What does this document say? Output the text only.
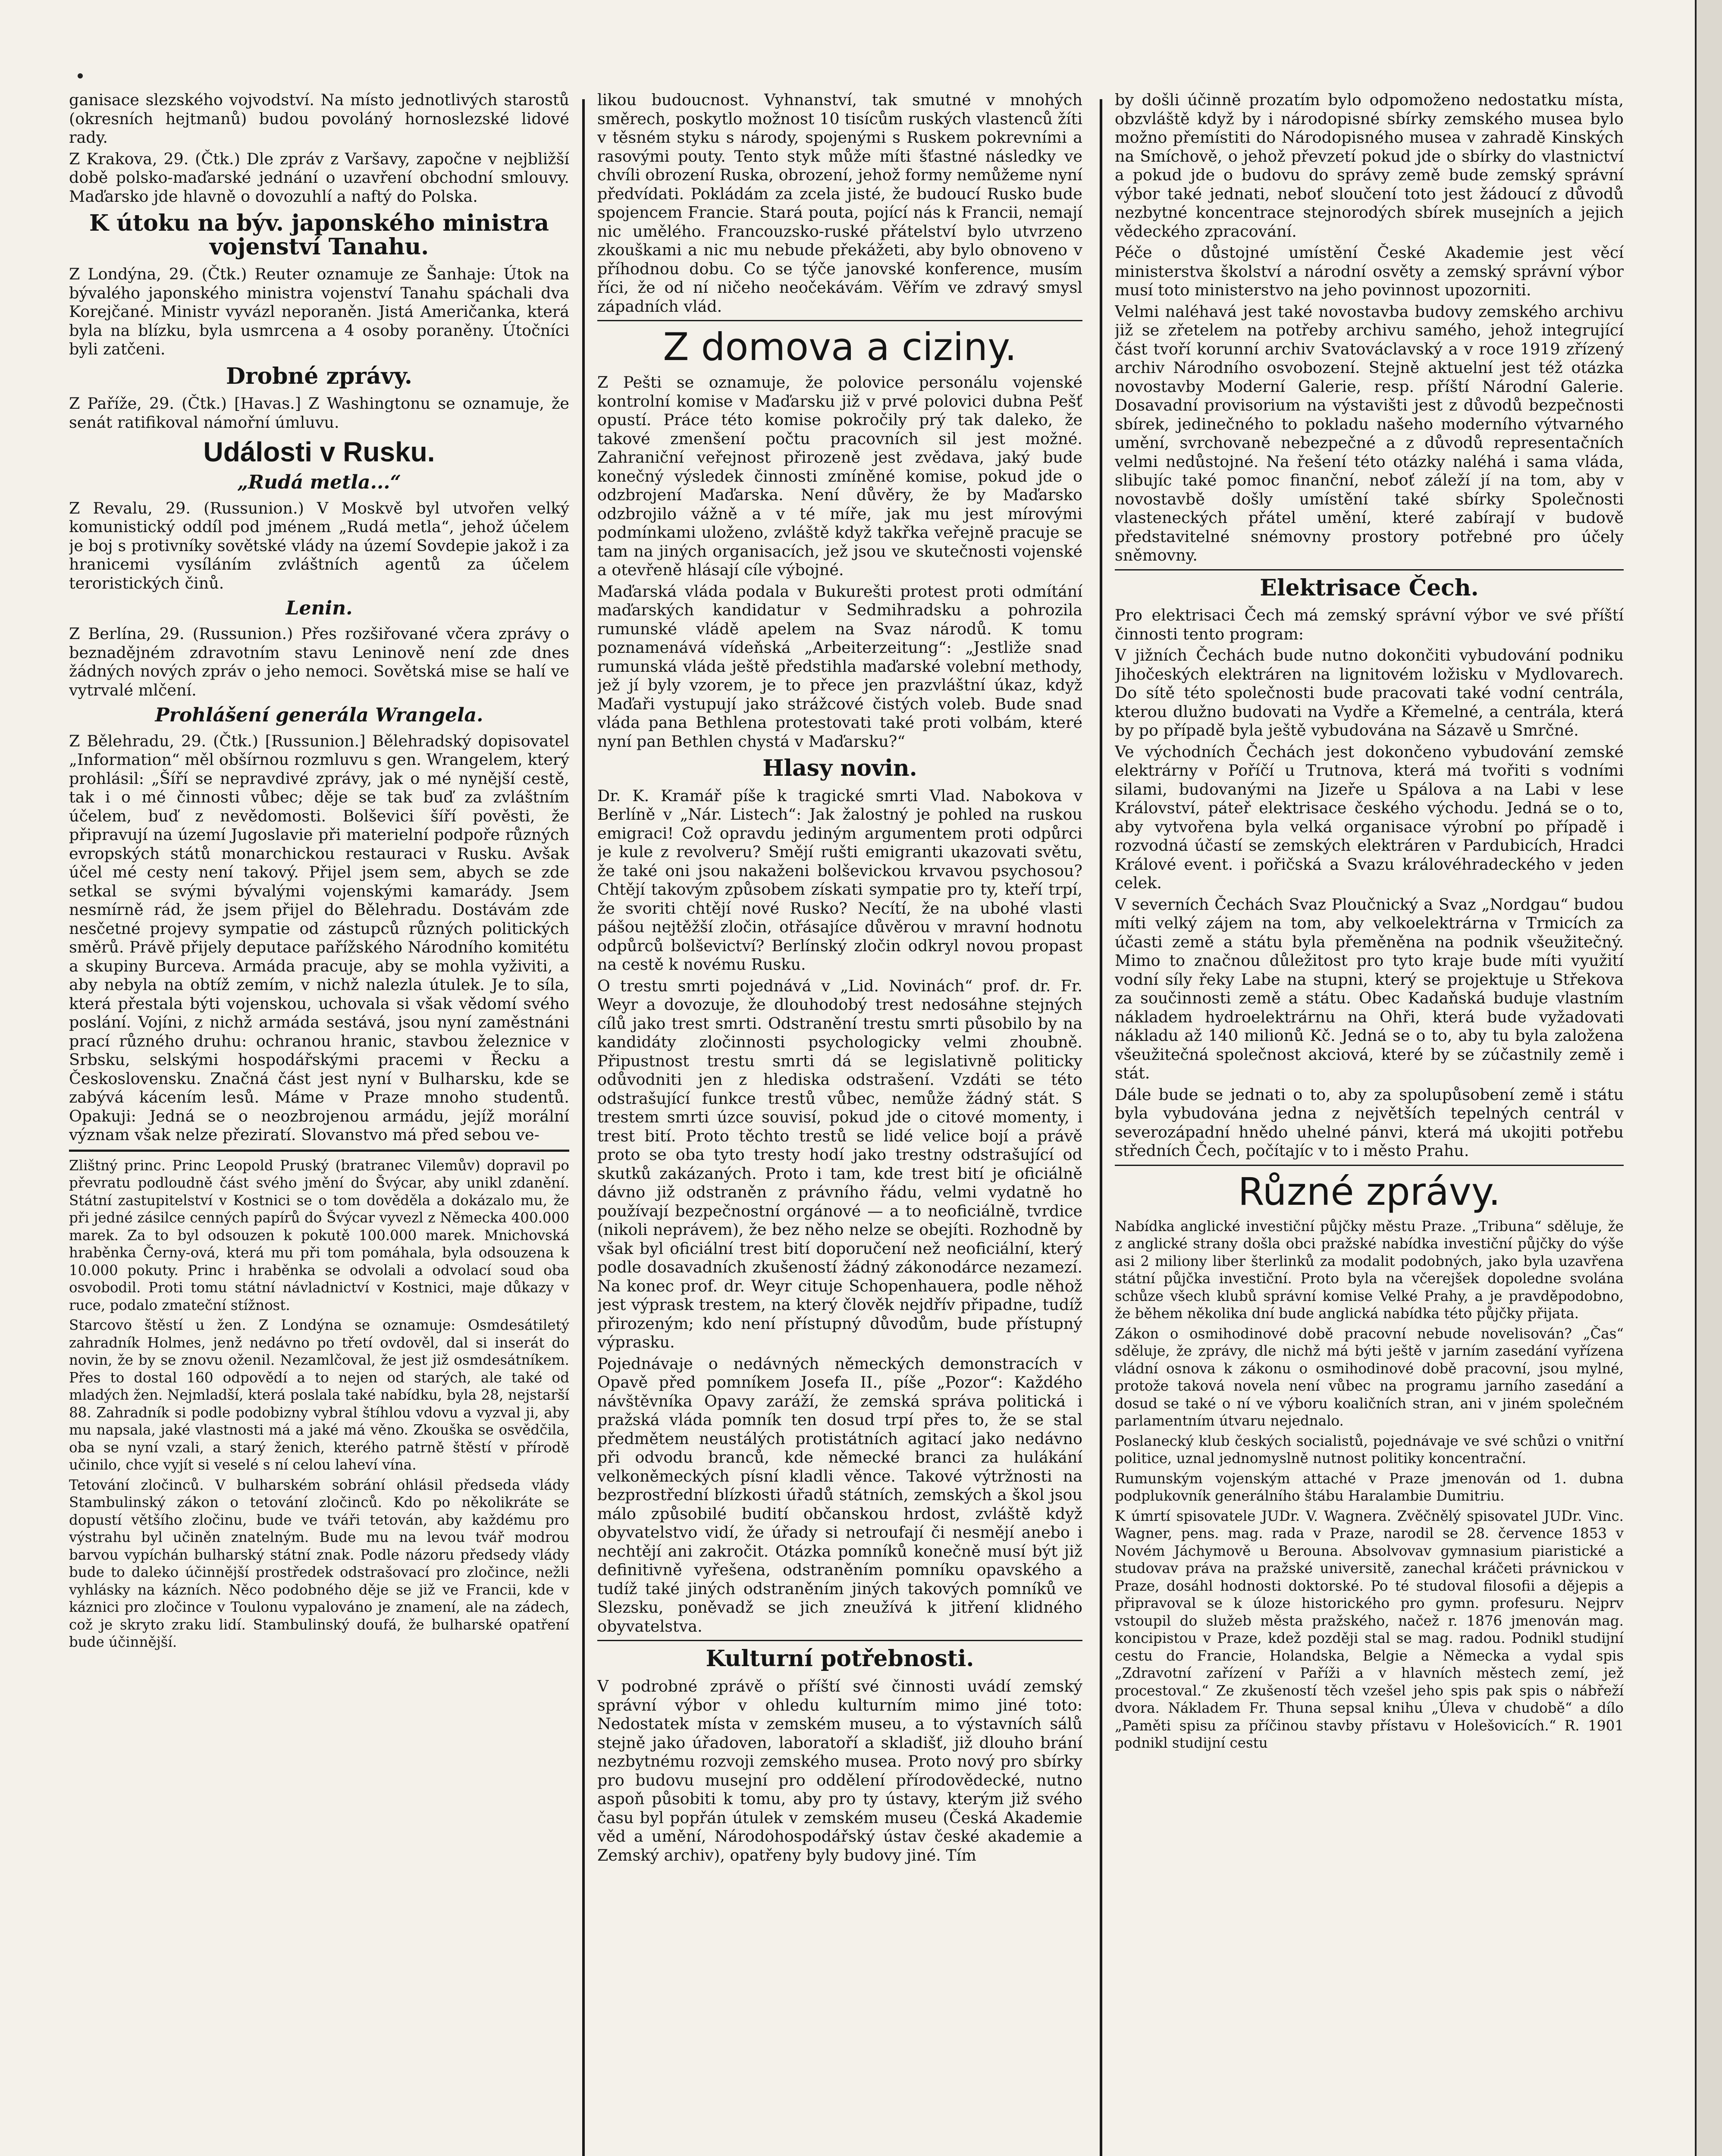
ganisace slezského vojvodství. Na místo jednotlivých starostů (okresních hejtmanů) budou povoláný hornoslezské lidové rady.

Z Krakova, 29. (Čtk.) Dle zpráv z Varšavy, započne v nejbližší době polsko-maďarské jednání o uzavření obchodní smlouvy. Maďarsko jde hlavně o dovozuhlí a naftý do Polska.

K útoku na býv. japonského ministra vojenství Tanahu.

Z Londýna, 29. (Čtk.) Reuter oznamuje ze Šanhaje: Útok na bývalého japonského ministra vojenství Tanahu spáchali dva Korejčané. Ministr vyvázl neporaněn. Jistá Američanka, která byla na blízku, byla usmrcena a 4 osoby poraněny. Útočníci byli zatčeni.

Drobné zprávy.

Z Paříže, 29. (Čtk.) [Havas.] Z Washingtonu se oznamuje, že senát ratifikoval námořní úmluvu.

Události v Rusku.
„Rudá metla...“

Z Revalu, 29. (Russunion.) V Moskvě byl utvořen velký komunistický oddíl pod jménem „Rudá metla“, jehož účelem je boj s protivníky sovětské vlády na území Sovdepie jakož i za hranicemi vysíláním zvláštních agentů za účelem teroristických činů.

Lenin.

Z Berlína, 29. (Russunion.) Přes rozšiřované včera zprávy o beznadějném zdravotním stavu Leninově není zde dnes žádných nových zpráv o jeho nemoci. Sovětská mise se halí ve vytrvalé mlčení.

Prohlášení generála Wrangela.

Z Bělehradu, 29. (Čtk.) [Russunion.] Bělehradský dopisovatel „Information“ měl obšírnou rozmluvu s gen. Wrangelem, který prohlásil: „Šíří se nepravdivé zprávy, jak o mé nynější cestě, tak i o mé činnosti vůbec; děje se tak buď za zvláštním účelem, buď z nevědomosti. Bolševici šíří pověsti, že připravují na území Jugoslavie při materielní podpoře různých evropských států monarchickou restauraci v Rusku. Avšak účel mé cesty není takový. Přijel jsem sem, abych se zde setkal se svými bývalými vojenskými kamarády. Jsem nesmírně rád, že jsem přijel do Bělehradu. Dostávám zde nesčetné projevy sympatie od zástupců různých politických směrů. Právě přijely deputace pařížského Národního komitétu a skupiny Burceva. Armáda pracuje, aby se mohla vyživiti, a aby nebyla na obtíž zemím, v nichž nalezla útulek. Je to síla, která přestala býti vojenskou, uchovala si však vědomí svého poslání. Vojíni, z nichž armáda sestává, jsou nyní zaměstnáni prací různého druhu: ochranou hranic, stavbou železnice v Srbsku, selskými hospodářskými pracemi v Řecku a Československu. Značná část jest nyní v Bulharsku, kde se zabývá kácením lesů. Máme v Praze mnoho studentů. Opakuji: Jedná se o neozbrojenou armádu, jejíž morální význam však nelze přeziratí. Slovanstvo má před sebou ve-

Zlištný princ. Princ Leopold Pruský (bratranec Vilemův) dopravil po převratu podloudně část svého jmění do Švýcar, aby unikl zdanění. Státní zastupitelství v Kostnici se o tom dověděla a dokázalo mu, že při jedné zásilce cenných papírů do Švýcar vyvezl z Německa 400.000 marek. Za to byl odsouzen k pokutě 100.000 marek. Mnichovská hraběnka Černy-ová, která mu při tom pomáhala, byla odsouzena k 10.000 pokuty. Princ i hraběnka se odvolali a odvolací soud oba osvobodil. Proti tomu státní návladnictví v Kostnici, maje důkazy v ruce, podalo zmateční stížnost.

Starcovo štěstí u žen. Z Londýna se oznamuje: Osmdesátiletý zahradník Holmes, jenž nedávno po třetí ovdověl, dal si inserát do novin, že by se znovu oženil. Nezamlčoval, že jest již osmdesátníkem. Přes to dostal 160 odpovědí a to nejen od starých, ale také od mladých žen. Nejmladší, která poslala také nabídku, byla 28, nejstarší 88. Zahradník si podle podobizny vybral štíhlou vdovu a vyzval ji, aby mu napsala, jaké vlastnosti má a jaké má věno. Zkouška se osvědčila, oba se nyní vzali, a starý ženich, kterého patrně štěstí v přírodě učinilo, chce vyjít si veselé s ní celou laheví vína.

Tetování zločinců. V bulharském sobrání ohlásil předseda vlády Stambulinský zákon o tetování zločinců. Kdo po několikráte se dopustí většího zločinu, bude ve tváři tetován, aby každému pro výstrahu byl učiněn znatelným. Bude mu na levou tvář modrou barvou vypíchán bulharský státní znak. Podle názoru předsedy vlády bude to daleko účinnější prostředek odstrašovací pro zločince, nežli vyhlásky na kázních. Něco podobného děje se již ve Francii, kde v káznici pro zločince v Toulonu vypalováno je znamení, ale na zádech, což je skryto zraku lidí. Stambulinský doufá, že bulharské opatření bude účinnější.

likou budoucnost. Vyhnanství, tak smutné v mnohých směrech, poskytlo možnost 10 tisícům ruských vlastenců žíti v těsném styku s národy, spojenými s Ruskem pokrevními a rasovými pouty. Tento styk může míti šťastné následky ve chvíli obrození Ruska, obrození, jehož formy nemůžeme nyní předvídati. Pokládám za zcela jisté, že budoucí Rusko bude spojencem Francie. Stará pouta, pojící nás k Francii, nemají nic umělého. Francouzsko-ruské přátelství bylo utvrzeno zkouškami a nic mu nebude překážeti, aby bylo obnoveno v příhodnou dobu. Co se týče janovské konference, musím říci, že od ní ničeho neočekávám. Věřím ve zdravý smysl západních vlád.

Z domova a ciziny.

Z Pešti se oznamuje, že polovice personálu vojenské kontrolní komise v Maďarsku již v prvé polovici dubna Pešť opustí. Práce této komise pokročily prý tak daleko, že takové zmenšení počtu pracovních sil jest možné. Zahraniční veřejnost přirozeně jest zvědava, jaký bude konečný výsledek činnosti zmíněné komise, pokud jde o odzbrojení Maďarska. Není důvěry, že by Maďarsko odzbrojilo vážně a v té míře, jak mu jest mírovými podmínkami uloženo, zvláště když takřka veřejně pracuje se tam na jiných organisacích, jež jsou ve skutečnosti vojenské a otevřeně hlásají cíle výbojné.

Maďarská vláda podala v Bukurešti protest proti odmítání maďarských kandidatur v Sedmihradsku a pohrozila rumunské vládě apelem na Svaz národů. K tomu poznamenává vídeňská „Arbeiterzeitung“: „Jestliže snad rumunská vláda ještě předstihla maďarské volební methody, jež jí byly vzorem, je to přece jen prazvláštní úkaz, když Maďaři vystupují jako strážcové čistých voleb. Bude snad vláda pana Bethlena protestovati také proti volbám, které nyní pan Bethlen chystá v Maďarsku?“

Hlasy novin.

Dr. K. Kramář píše k tragické smrti Vlad. Nabokova v Berlíně v „Nár. Listech“: Jak žalostný je pohled na ruskou emigraci! Což opravdu jediným argumentem proti odpůrci je kule z revolveru? Smějí rušti emigranti ukazovati světu, že také oni jsou nakaženi bolševickou krvavou psychosou? Chtějí takovým způsobem získati sympatie pro ty, kteří trpí, že svoriti chtějí nové Rusko? Necítí, že na ubohé vlasti pášou nejtěžší zločin, otřásajíce důvěrou v mravní hodnotu odpůrců bolševictví? Berlínský zločin odkryl novou propast na cestě k novému Rusku.

O trestu smrti pojednává v „Lid. Novinách“ prof. dr. Fr. Weyr a dovozuje, že dlouhodobý trest nedosáhne stejných cílů jako trest smrti. Odstranění trestu smrti působilo by na kandidáty zločinnosti psychologicky velmi zhoubně. Připustnost trestu smrti dá se legislativně politicky odůvodniti jen z hlediska odstrašení. Vzdáti se této odstrašující funkce trestů vůbec, nemůže žádný stát. S trestem smrti úzce souvisí, pokud jde o citové momenty, i trest bití. Proto těchto trestů se lidé velice bojí a právě proto se oba tyto tresty hodí jako trestny odstrašující od skutků zakázaných. Proto i tam, kde trest bití je oficiálně dávno již odstraněn z právního řádu, velmi vydatně ho používají bezpečnostní orgánové — a to neoficiálně, tvrdice (nikoli neprávem), že bez něho nelze se obejíti. Rozhodně by však byl oficiální trest bití doporučení než neoficiální, který podle dosavadních zkušeností žádný zákonodárce nezamezí. Na konec prof. dr. Weyr cituje Schopenhauera, podle něhož jest výprask trestem, na který člověk nejdřív připadne, tudíž přirozeným; kdo není přístupný důvodům, bude přístupný výprasku.

Pojednávaje o nedávných německých demonstracích v Opavě před pomníkem Josefa II., píše „Pozor“: Každého návštěvníka Opavy zaráží, že zemská správa politická i pražská vláda pomník ten dosud trpí přes to, že se stal předmětem neustálých protistátních agitací jako nedávno při odvodu branců, kde německé branci za hulákání velkoněmeckých písní kladli věnce. Takové výtržnosti na bezprostřední blízkosti úřadů státních, zemských a škol jsou málo způsobilé budití občanskou hrdost, zvláště když obyvatelstvo vidí, že úřady si netroufají či nesmějí anebo i nechtějí ani zakročit. Otázka pomníků konečně musí být již definitivně vyřešena, odstraněním pomníku opavského a tudíž také jiných odstraněním jiných takových pomníků ve Slezsku, poněvadž se jich zneužívá k jitření klidného obyvatelstva.

Kulturní potřebnosti.

V podrobné zprávě o příští své činnosti uvádí zemský správní výbor v ohledu kulturním mimo jiné toto: Nedostatek místa v zemském museu, a to výstavních sálů stejně jako úřadoven, laboratoří a skladišť, již dlouho brání nezbytnému rozvoji zemského musea. Proto nový pro sbírky pro budovu musejní pro oddělení přírodovědecké, nutno aspoň působiti k tomu, aby pro ty ústavy, kterým již svého času byl popřán útulek v zemském museu (Česká Akademie věd a umění, Národohospodářský ústav české akademie a Zemský archiv), opatřeny byly budovy jiné. Tím

by došli účinně prozatím bylo odpomoženo nedostatku místa, obzvláště když by i národopisné sbírky zemského musea bylo možno přemístiti do Národopisného musea v zahradě Kinských na Smíchově, o jehož převzetí pokud jde o sbírky do vlastnictví a pokud jde o budovu do správy země bude zemský správní výbor také jednati, neboť sloučení toto jest žádoucí z důvodů nezbytné koncentrace stejnorodých sbírek musejních a jejich vědeckého zpracování.

Péče o důstojné umístění České Akademie jest věcí ministerstva školství a národní osvěty a zemský správní výbor musí toto ministerstvo na jeho povinnost upozorniti.

Velmi naléhavá jest také novostavba budovy zemského archivu již se zřetelem na potřeby archivu samého, jehož integrující část tvoří korunní archiv Svatováclavský a v roce 1919 zřízený archiv Národního osvobození. Stejně aktuelní jest též otázka novostavby Moderní Galerie, resp. příští Národní Galerie. Dosavadní provisorium na výstavišti jest z důvodů bezpečnosti sbírek, jedinečného to pokladu našeho moderního výtvarného umění, svrchovaně nebezpečné a z důvodů representačních velmi nedůstojné. Na řešení této otázky naléhá i sama vláda, slibujíc také pomoc finanční, neboť záleží jí na tom, aby v novostavbě došly umístění také sbírky Společnosti vlasteneckých přátel umění, které zabírají v budově představitelné snémovny prostory potřebné pro účely sněmovny.

Elektrisace Čech.

Pro elektrisaci Čech má zemský správní výbor ve své příští činnosti tento program:

V jižních Čechách bude nutno dokončiti vybudování podniku Jihočeských elektráren na lignitovém ložisku v Mydlovarech. Do sítě této společnosti bude pracovati také vodní centrála, kterou dlužno budovati na Vydře a Křemelné, a centrála, která by po případě byla ještě vybudována na Sázavě u Smrčné.

Ve východních Čechách jest dokončeno vybudování zemské elektrárny v Poříčí u Trutnova, která má tvořiti s vodními silami, budovanými na Jizeře u Spálova a na Labi v lese Království, páteř elektrisace českého východu. Jedná se o to, aby vytvořena byla velká organisace výrobní po případě i rozvodná účastí se zemských elektráren v Pardubicích, Hradci Králové event. i pořičská a Svazu královéhradeckého v jeden celek.

V severních Čechách Svaz Ploučnický a Svaz „Nordgau“ budou míti velký zájem na tom, aby velkoelektrárna v Trmicích za účasti země a státu byla přeměněna na podnik všeužitečný. Mimo to značnou důležitost pro tyto kraje bude míti využití vodní síly řeky Labe na stupni, který se projektuje u Střekova za součinnosti země a státu. Obec Kadaňská buduje vlastním nákladem hydroelektrárnu na Ohři, která bude vyžadovati nákladu až 140 milionů Kč. Jedná se o to, aby tu byla založena všeužitečná společnost akciová, které by se zúčastnily země i stát.

Dále bude se jednati o to, aby za spolupůsobení země i státu byla vybudována jedna z největších tepelných centrál v severozápadní hnědo uhelné pánvi, která má ukojiti potřebu středních Čech, počítajíc v to i město Prahu.

Různé zprávy.

Nabídka anglické investiční půjčky městu Praze. „Tribuna“ sděluje, že z anglické strany došla obci pražské nabídka investiční půjčky do výše asi 2 miliony liber šterlinků za modalit podobných, jako byla uzavřena státní půjčka investiční. Proto byla na včerejšek dopoledne svolána schůze všech klubů správní komise Velké Prahy, a je pravděpodobno, že během několika dní bude anglická nabídka této půjčky přijata.

Zákon o osmihodinové době pracovní nebude novelisován? „Čas“ sděluje, že zprávy, dle nichž má býti ještě v jarním zasedání vyřízena vládní osnova k zákonu o osmihodinové době pracovní, jsou mylné, protože taková novela není vůbec na programu jarního zasedání a dosud se také o ní ve výboru koaličních stran, ani v jiném společném parlamentním útvaru nejednalo.

Poslanecký klub českých socialistů, pojednávaje ve své schůzi o vnitřní politice, uznal jednomyslně nutnost politiky koncentrační.

Rumunským vojenským attaché v Praze jmenován od 1. dubna podplukovník generálního štábu Haralambie Dumitriu.

K úmrtí spisovatele JUDr. V. Wagnera. Zvěčnělý spisovatel JUDr. Vinc. Wagner, pens. mag. rada v Praze, narodil se 28. července 1853 v Novém Jáchymově u Berouna. Absolvovav gymnasium piaristické a studovav práva na pražské universitě, zanechal kráčeti právnickou v Praze, dosáhl hodnosti doktorské. Po té studoval filosofii a dějepis a připravoval se k úloze historického pro gymn. profesuru. Nejprv vstoupil do služeb města pražského, načež r. 1876 jmenován mag. koncipistou v Praze, kdež později stal se mag. radou. Podnikl studijní cestu do Francie, Holandska, Belgie a Německa a vydal spis „Zdravotní zařízení v Paříži a v hlavních městech zemí, jež procestoval.“ Ze zkušeností těch vzešel jeho spis pak spis o nábřeží dvora. Nákladem Fr. Thuna sepsal knihu „Úleva v chudobě“ a dílo „Paměti spisu za příčinou stavby přístavu v Holešovicích.“ R. 1901 podnikl studijní cestu
